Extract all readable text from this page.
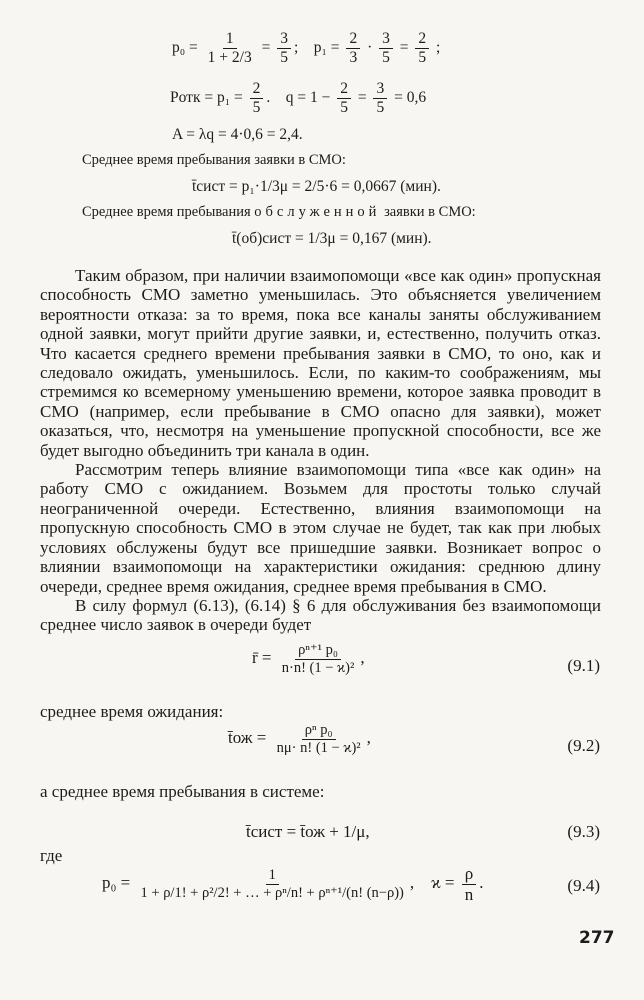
$p_0 = \frac{1}{1 + 2/3} = \frac{3}{5}$ ; $p_1 = \frac{2}{3} \cdot \frac{3}{5} = \frac{2}{5}$ ;
Pотк = $p_1 = \frac{2}{5}$ . $q = 1 - \frac{2}{5} = \frac{3}{5} = 0,6$
A = λq = 4·0,6 = 2,4.
Среднее время пребывания заявки в СМО:
t̄сист = p₁·1/3μ = 2/5·6 = 0,0667 (мин).
Среднее время пребывания обслуженной заявки в СМО:
t̄(об)сист = 1/3μ = 0,167 (мин).

Таким образом, при наличии взаимопомощи «все как один» пропускная способность СМО заметно уменьшилась. Это объясняется увеличением вероятности отказа: за то время, пока все каналы заняты обслуживанием одной заявки, могут прийти другие заявки, и, естественно, получить отказ. Что касается среднего времени пребывания заявки в СМО, то оно, как и следовало ожидать, уменьшилось. Если, по каким-то соображениям, мы стремимся ко всемерному уменьшению времени, которое заявка проводит в СМО (например, если пребывание в СМО опасно для заявки), может оказаться, что, несмотря на уменьшение пропускной способности, все же будет выгодно объединить три канала в один.

Рассмотрим теперь влияние взаимопомощи типа «все как один» на работу СМО с ожиданием. Возьмем для простоты только случай неограниченной очереди. Естественно, влияния взаимопомощи на пропускную способность СМО в этом случае не будет, так как при любых условиях обслужены будут все пришедшие заявки. Возникает вопрос о влиянии взаимопомощи на характеристики ожидания: среднюю длину очереди, среднее время ожидания, среднее время пребывания в СМО.

В силу формул (6.13), (6.14) § 6 для обслуживания без взаимопомощи среднее число заявок в очереди будет

r̄ = $\frac{\text{ρⁿ⁺¹ p₀}}{\text{n·n! (1 − ϰ)²}}$ ,	(9.1)
среднее время ожидания:
t̄ож = $\frac{\text{ρⁿ p₀}}{\text{nμ· n! (1 − ϰ)²}}$ ,	(9.2)
а среднее время пребывания в системе:
t̄сист = t̄ож + 1/μ,	(9.3)
где
$p_0 = \frac{1}{\text{1 + ρ/1! + ρ²/2! + … + ρⁿ/n! + ρⁿ⁺¹/(n! (n−ρ))}}$ , $ϰ = \frac{\rho}{n}$ .	(9.4)
277
